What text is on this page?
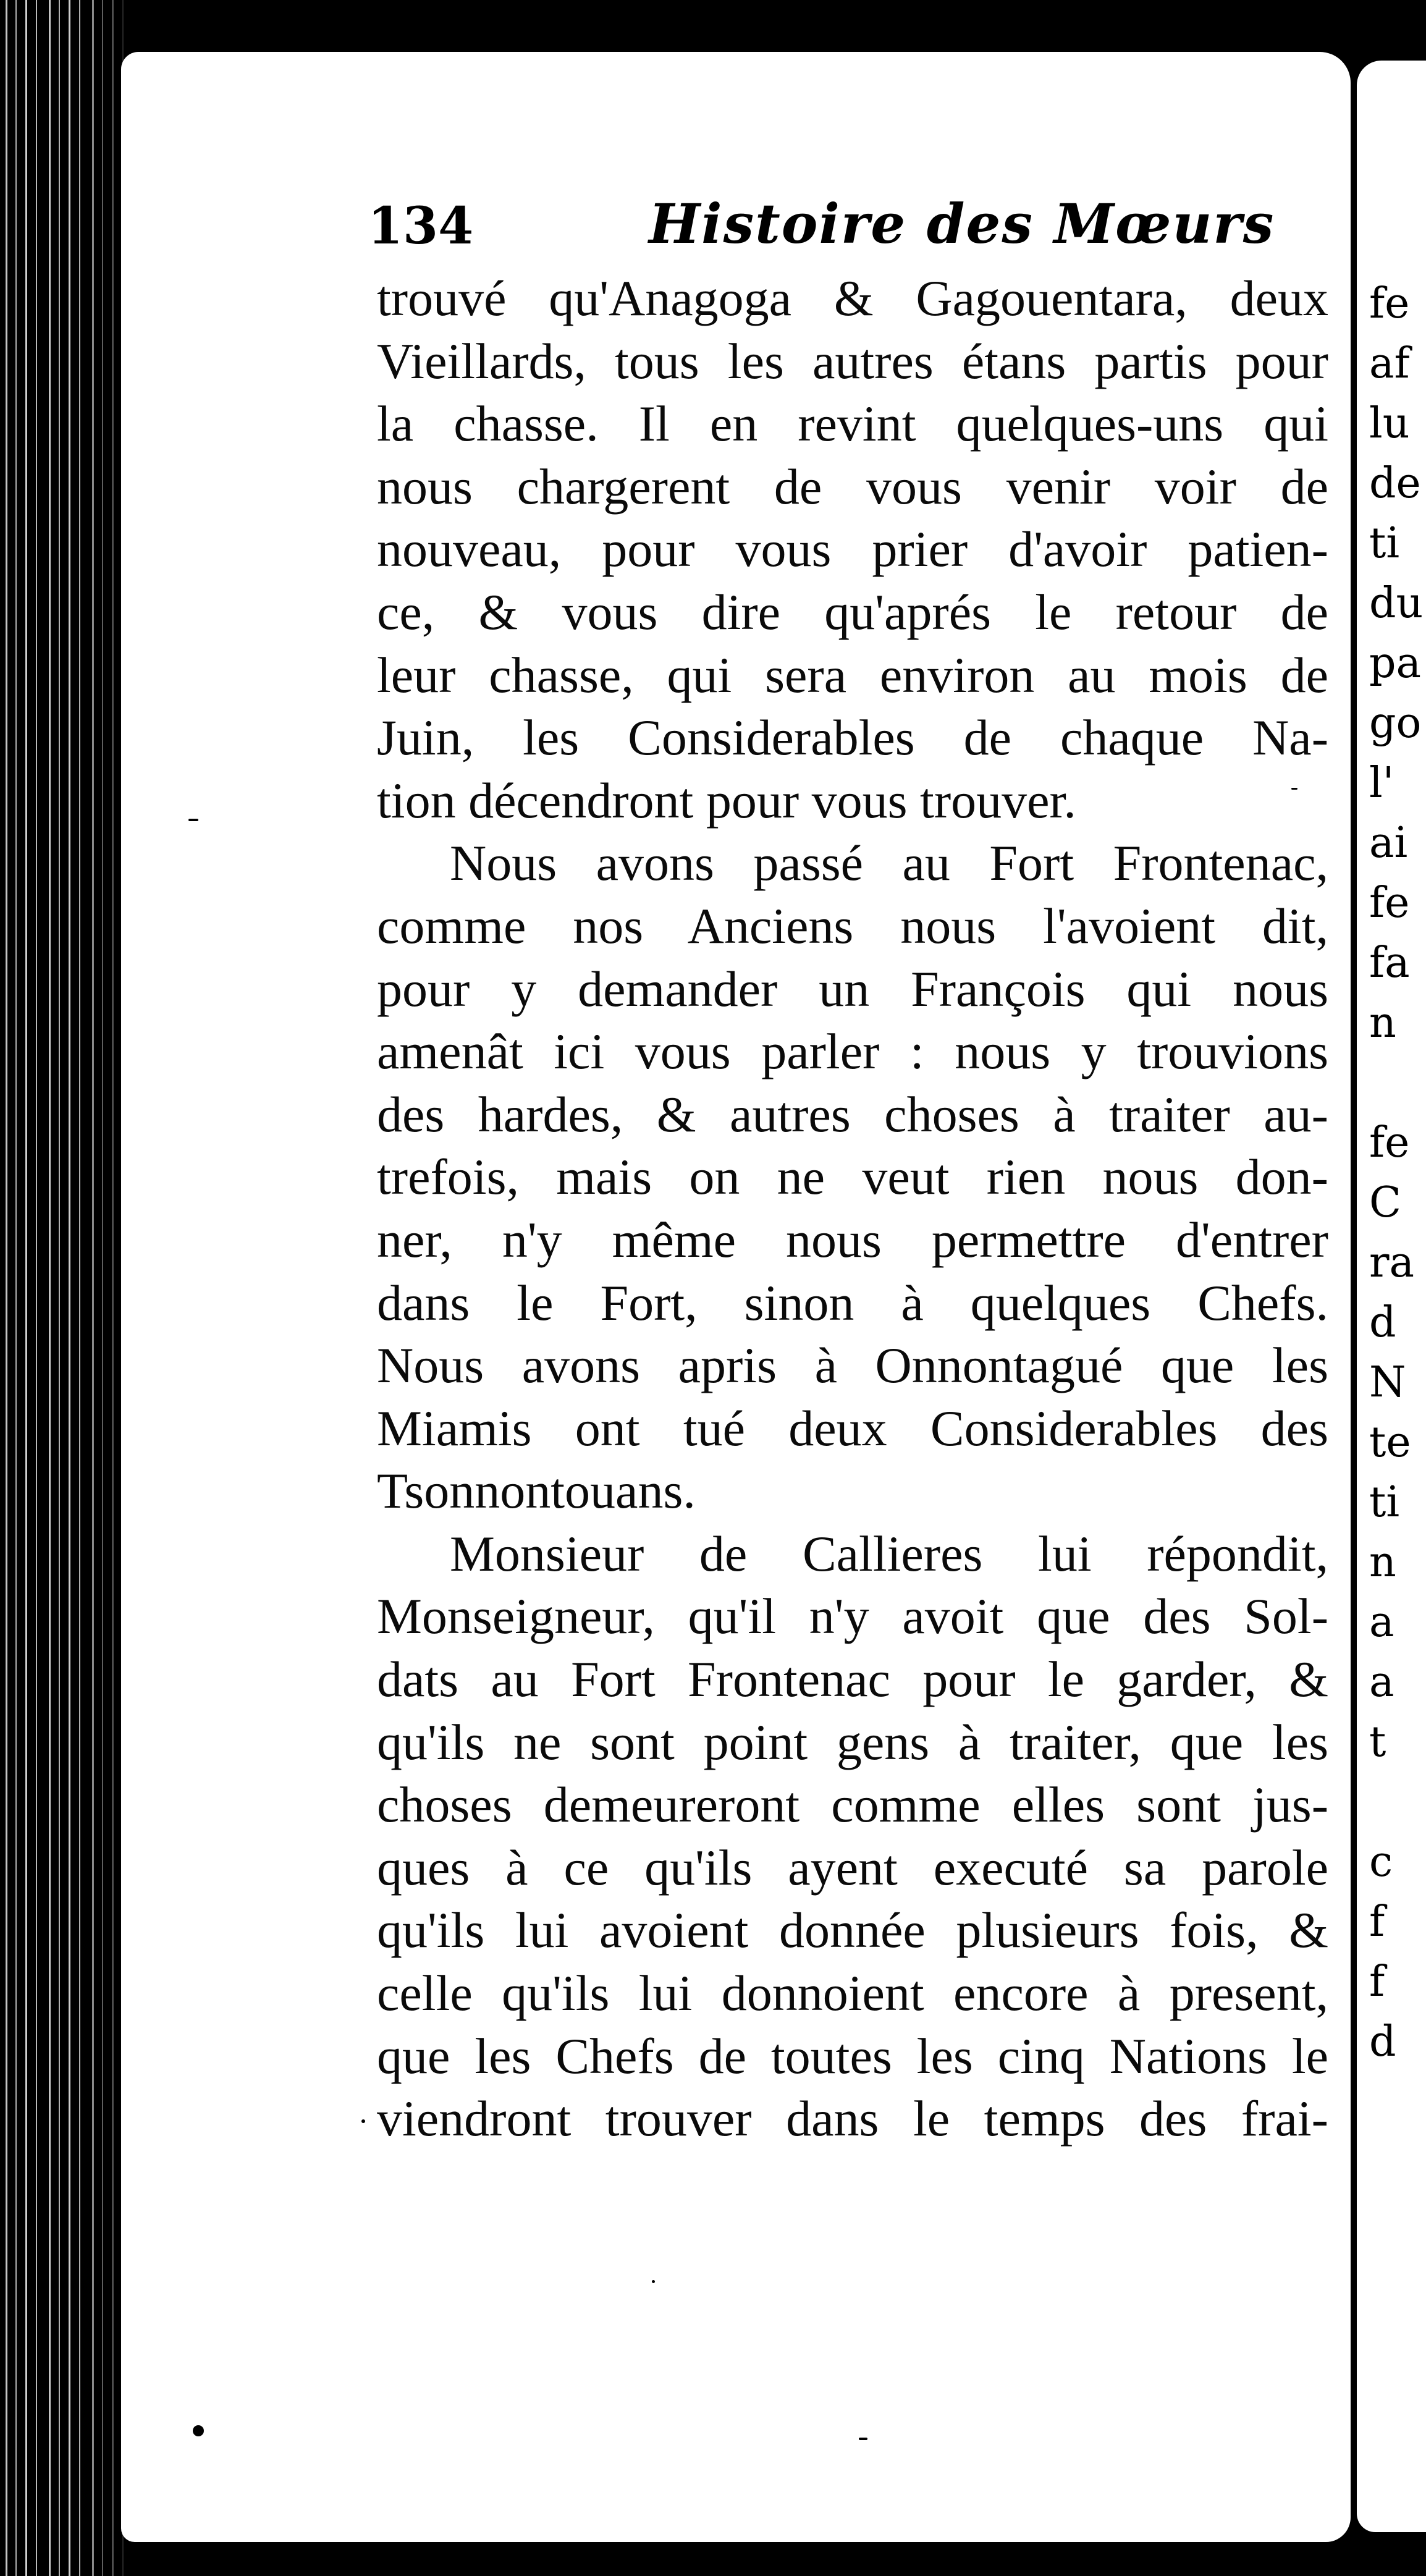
fe
af
lu
de
ti
du
pa
go
l'
ai
fe
fa
n

fe
C
ra
d
N
te
ti
n
a
a
t

c
f
f
d
134	Histoire des Mœurs
trouvé qu'Anagoga & Gagouentara, deux
Vieillards, tous les autres étans partis pour
la chasse. Il en revint quelques-uns qui
nous chargerent de vous venir voir de
nouveau, pour vous prier d'avoir patien-
ce, & vous dire qu'aprés le retour de
leur chasse, qui sera environ au mois de
Juin, les Considerables de chaque Na-
tion décendront pour vous trouver.
Nous avons passé au Fort Frontenac,
comme nos Anciens nous l'avoient dit,
pour y demander un François qui nous
amenât ici vous parler : nous y trouvions
des hardes, & autres choses à traiter au-
trefois, mais on ne veut rien nous don-
ner, n'y même nous permettre d'entrer
dans le Fort, sinon à quelques Chefs.
Nous avons apris à Onnontagué que les
Miamis ont tué deux Considerables des
Tsonnontouans.
Monsieur de Callieres lui répondit,
Monseigneur, qu'il n'y avoit que des Sol-
dats au Fort Frontenac pour le garder, &
qu'ils ne sont point gens à traiter, que les
choses demeureront comme elles sont jus-
ques à ce qu'ils ayent executé sa parole
qu'ils lui avoient donnée plusieurs fois, &
celle qu'ils lui donnoient encore à present,
que les Chefs de toutes les cinq Nations le
viendront trouver dans le temps des frai-
